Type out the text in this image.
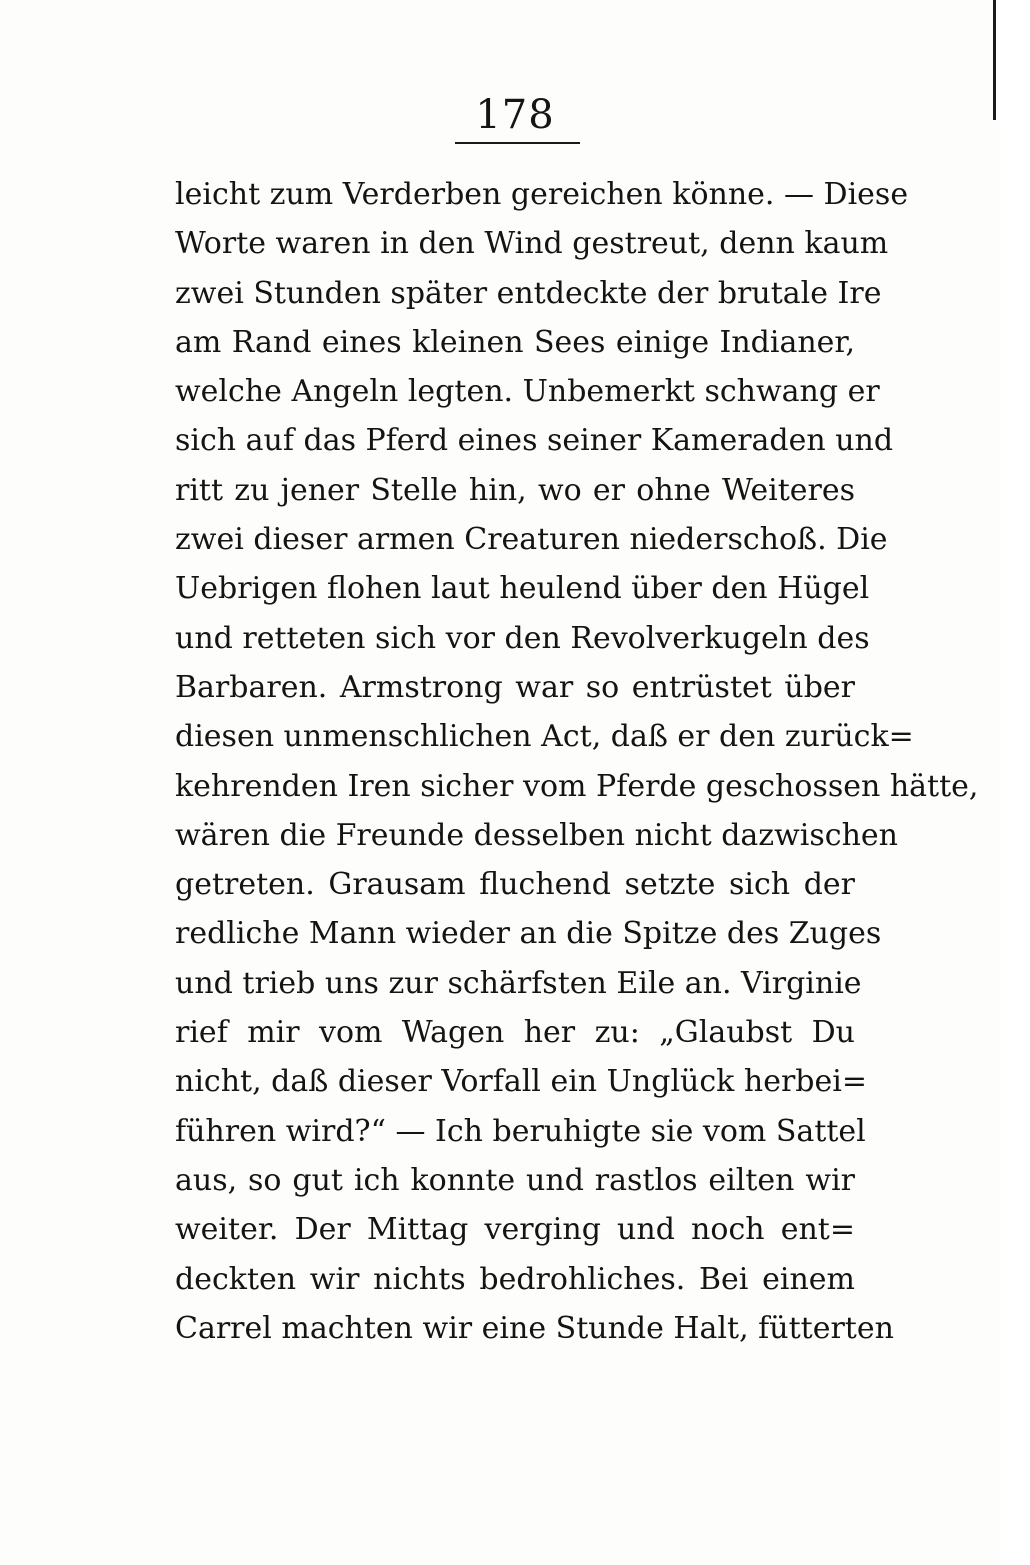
178
leicht zum Verderben gereichen könne. — Diese
Worte waren in den Wind gestreut, denn kaum
zwei Stunden später entdeckte der brutale Ire
am Rand eines kleinen Sees einige Indianer,
welche Angeln legten. Unbemerkt schwang er
sich auf das Pferd eines seiner Kameraden und
ritt zu jener Stelle hin, wo er ohne Weiteres
zwei dieser armen Creaturen niederschoß. Die
Uebrigen flohen laut heulend über den Hügel
und retteten sich vor den Revolverkugeln des
Barbaren. Armstrong war so entrüstet über
diesen unmenschlichen Act, daß er den zurück=
kehrenden Iren sicher vom Pferde geschossen hätte,
wären die Freunde desselben nicht dazwischen
getreten. Grausam fluchend setzte sich der
redliche Mann wieder an die Spitze des Zuges
und trieb uns zur schärfsten Eile an. Virginie
rief mir vom Wagen her zu: „Glaubst Du
nicht, daß dieser Vorfall ein Unglück herbei=
führen wird?“ — Ich beruhigte sie vom Sattel
aus, so gut ich konnte und rastlos eilten wir
weiter. Der Mittag verging und noch ent=
deckten wir nichts bedrohliches. Bei einem
Carrel machten wir eine Stunde Halt, fütterten
